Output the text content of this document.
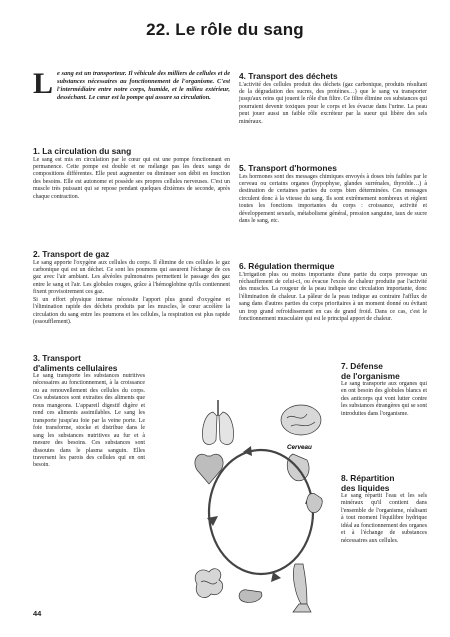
22. Le rôle du sang
L e sang est un transporteur. Il véhicule des milliers de cellules et de substances nécessaires au fonctionnement de l'organisme. C'est l'intermédiaire entre notre corps, humide, et le milieu extérieur, desséchant. Le cœur est la pompe qui assure sa circulation.
1. La circulation du sang
Le sang est mis en circulation par le cœur qui est une pompe fonctionnant en permanence. Cette pompe est double et ne mélange pas les deux sangs de compositions différentes. Elle peut augmenter ou diminuer son débit en fonction des besoins. Elle est autonome et possède ses propres cellules nerveuses. C'est un muscle très puissant qui se repose pendant quelques dixièmes de seconde, après chaque contraction.
2. Transport de gaz
Le sang apporte l'oxygène aux cellules du corps. Il élimine de ces cellules le gaz carbonique qui est un déchet. Ce sont les poumons qui assurent l'échange de ces gaz avec l'air ambiant. Les alvéoles pulmonaires permettent le passage des gaz entre le sang et l'air. Les globules rouges, grâce à l'hémoglobine qu'ils contiennent fixent provisoirement ces gaz.
Si un effort physique intense nécessite l'apport plus grand d'oxygène et l'élimination rapide des déchets produits par les muscles, le cœur accélère la circulation du sang entre les poumons et les cellules, la respiration est plus rapide (essoufflement).
3. Transport
d'aliments cellulaires
Le sang transporte les substances nutritives nécessaires au fonctionnement, à la croissance ou au renouvellement des cellules du corps. Ces substances sont extraites des aliments que nous mangeons. L'appareil digestif digère et rend ces aliments assimilables. Le sang les transporte jusqu'au foie par la veine porte. Le foie transforme, stocke et distribue dans le sang les substances nutritives au fur et à mesure des besoins. Ces substances sont dissoutes dans le plasma sanguin. Elles traversent les parois des cellules qui en ont besoin.
4. Transport des déchets
L'activité des cellules produit des déchets (gaz carbonique, produits résultant de la dégradation des sucres, des protéines…) que le sang va transporter jusqu'aux reins qui jouent le rôle d'un filtre. Ce filtre élimine ces substances qui pourraient devenir toxiques pour le corps et les évacue dans l'urine. La peau peut jouer aussi un faible rôle excréteur par la sueur qui libère des sels minéraux.
5. Transport d'hormones
Les hormones sont des messages chimiques envoyés à doses très faibles par le cerveau ou certains organes (hypophyse, glandes surrénales, thyroïde…) à destination de certaines parties du corps bien déterminées. Ces messages circulent donc à la vitesse du sang. Ils sont extrêmement nombreux et règlent toutes les fonctions importantes du corps : croissance, activité et développement sexuels, métabolisme général, pression sanguine, taux de sucre dans le sang, etc.
6. Régulation thermique
L'irrigation plus ou moins importante d'une partie du corps provoque un réchauffement de celui-ci, ou évacue l'excès de chaleur produite par l'activité des muscles. La rougeur de la peau indique une circulation importante, donc l'élimination de chaleur. La pâleur de la peau indique au contraire l'afflux de sang dans d'autres parties du corps prioritaires à un moment donné ou évitant un trop grand refroidissement en cas de grand froid. Dans ce cas, c'est le fonctionnement musculaire qui est le principal apport de chaleur.
7. Défense
de l'organisme
Le sang transporte aux organes qui en ont besoin des globules blancs et des anticorps qui vont lutter contre les substances étrangères qui se sont introduites dans l'organisme.
8. Répartition
des liquides
Le sang répartit l'eau et les sels minéraux qu'il contient dans l'ensemble de l'organisme, réalisant à tout moment l'équilibre hydrique idéal au fonctionnement des organes et à l'échange de substances nécessaires aux cellules.
Cerveau
44
